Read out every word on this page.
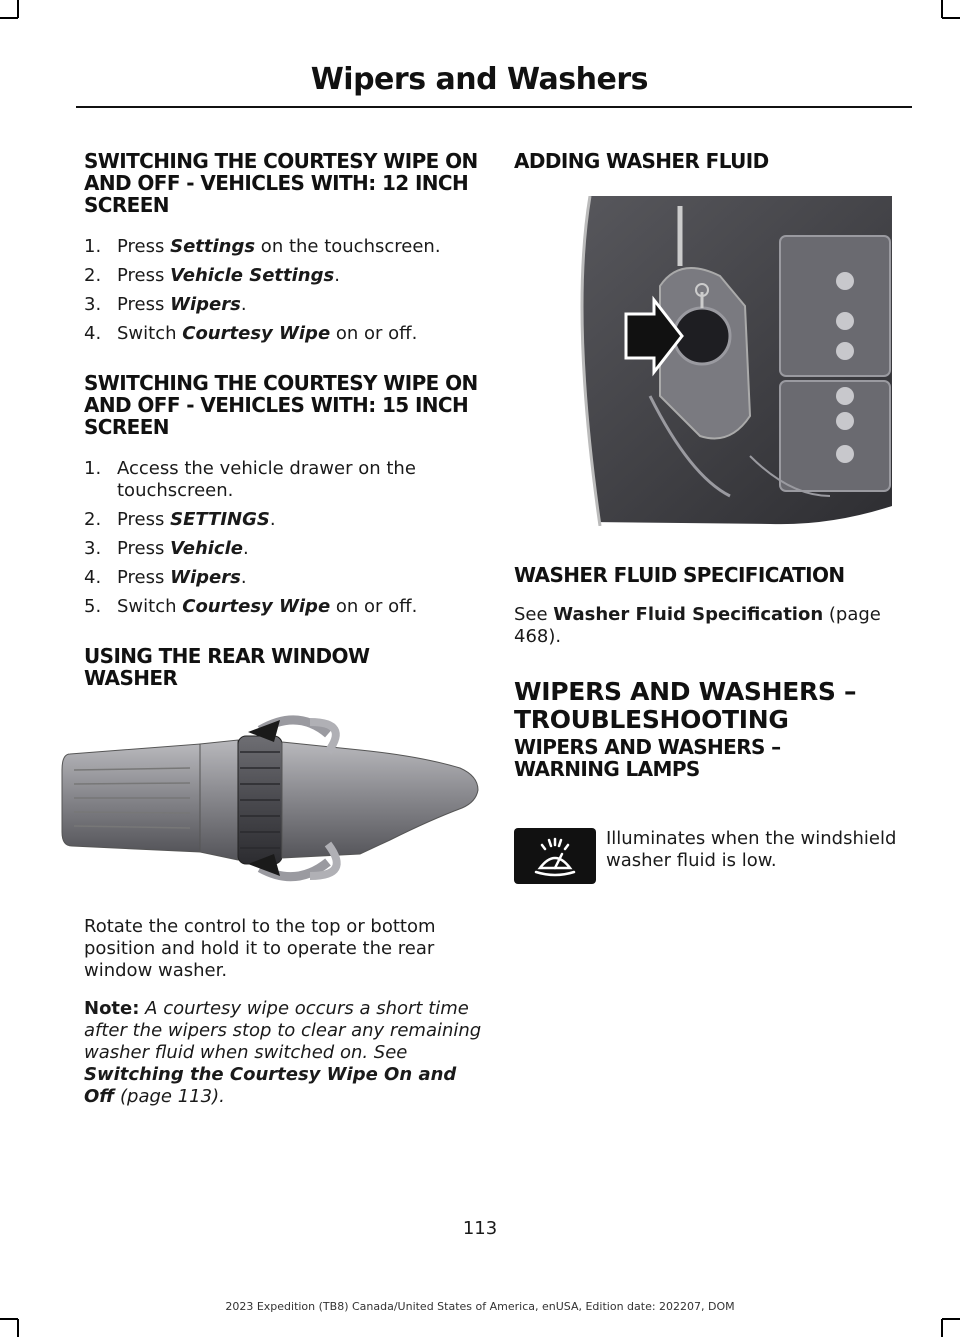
Wipers and Washers
SWITCHING THE COURTESY WIPE ON AND OFF - VEHICLES WITH: 12 INCH SCREEN
1. Press Settings on the touchscreen.
2. Press Vehicle Settings.
3. Press Wipers.
4. Switch Courtesy Wipe on or off.
SWITCHING THE COURTESY WIPE ON AND OFF - VEHICLES WITH: 15 INCH SCREEN
1. Access the vehicle drawer on the touchscreen.
2. Press SETTINGS.
3. Press Vehicle.
4. Press Wipers.
5. Switch Courtesy Wipe on or off.
USING THE REAR WINDOW WASHER

Rotate the control to the top or bottom position and hold it to operate the rear window washer.

Note: A courtesy wipe occurs a short time after the wipers stop to clear any remaining washer fluid when switched on. See Switching the Courtesy Wipe On and Off (page 113).

ADDING WASHER FLUID
WASHER FLUID SPECIFICATION

See Washer Fluid Specification (page 468).

WIPERS AND WASHERS –
TROUBLESHOOTING
WIPERS AND WASHERS – WARNING LAMPS

Illuminates when the windshield washer fluid is low.

113
2023 Expedition (TB8) Canada/United States of America, enUSA, Edition date: 202207, DOM
